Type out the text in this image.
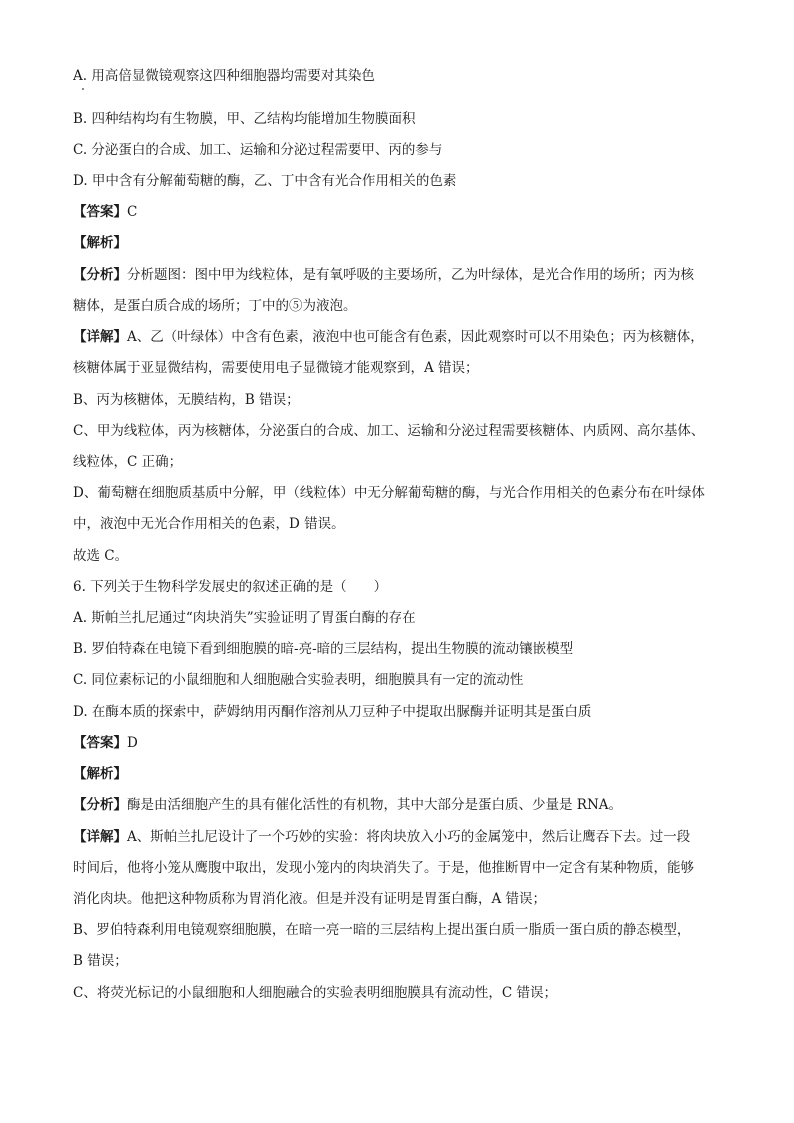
A. 用高倍显微镜观察这四种细胞器均需要对其染色
B. 四种结构均有生物膜，甲、乙结构均能增加生物膜面积
C. 分泌蛋白的合成、加工、运输和分泌过程需要甲、丙的参与
D. 甲中含有分解葡萄糖的酶，乙、丁中含有光合作用相关的色素
【答案】C
【解析】
【分析】分析题图：图中甲为线粒体，是有氧呼吸的主要场所，乙为叶绿体，是光合作用的场所；丙为核
糖体，是蛋白质合成的场所；丁中的⑤为液泡。
【详解】A、乙（叶绿体）中含有色素，液泡中也可能含有色素，因此观察时可以不用染色；丙为核糖体，
核糖体属于亚显微结构，需要使用电子显微镜才能观察到，A 错误；
B、丙为核糖体，无膜结构，B 错误；
C、甲为线粒体，丙为核糖体，分泌蛋白的合成、加工、运输和分泌过程需要核糖体、内质网、高尔基体、
线粒体，C 正确；
D、葡萄糖在细胞质基质中分解，甲（线粒体）中无分解葡萄糖的酶，与光合作用相关的色素分布在叶绿体
中，液泡中无光合作用相关的色素，D 错误。
故选 C。
6. 下列关于生物科学发展史的叙述正确的是（　　）
A. 斯帕兰扎尼通过“肉块消失”实验证明了胃蛋白酶的存在
B. 罗伯特森在电镜下看到细胞膜的暗-亮-暗的三层结构，提出生物膜的流动镶嵌模型
C. 同位素标记的小鼠细胞和人细胞融合实验表明，细胞膜具有一定的流动性
D. 在酶本质的探索中，萨姆纳用丙酮作溶剂从刀豆种子中提取出脲酶并证明其是蛋白质
【答案】D
【解析】
【分析】酶是由活细胞产生的具有催化活性的有机物，其中大部分是蛋白质、少量是 RNA。
【详解】A、斯帕兰扎尼设计了一个巧妙的实验：将肉块放入小巧的金属笼中，然后让鹰吞下去。过一段
时间后，他将小笼从鹰腹中取出，发现小笼内的肉块消失了。于是，他推断胃中一定含有某种物质，能够
消化肉块。他把这种物质称为胃消化液。但是并没有证明是胃蛋白酶，A 错误；
B、罗伯特森利用电镜观察细胞膜，在暗一亮一暗的三层结构上提出蛋白质一脂质一蛋白质的静态模型，
B 错误；
C、将荧光标记的小鼠细胞和人细胞融合的实验表明细胞膜具有流动性，C 错误；
